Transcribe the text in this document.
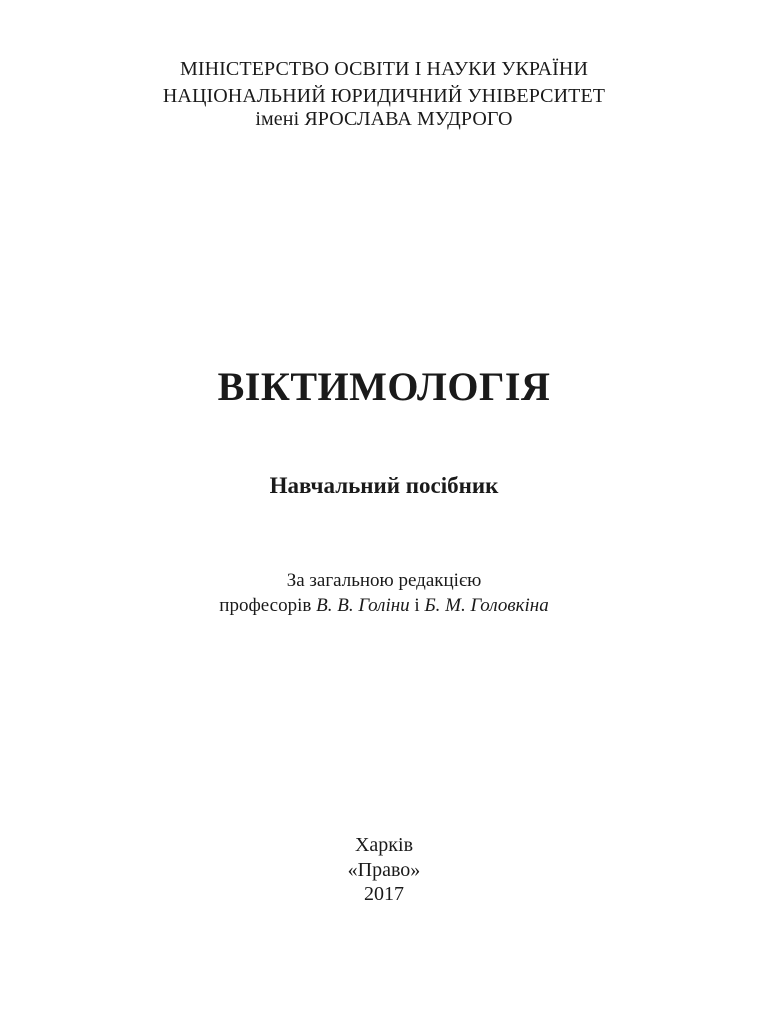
МІНІСТЕРСТВО ОСВІТИ І НАУКИ УКРАЇНИ
НАЦІОНАЛЬНИЙ ЮРИДИЧНИЙ УНІВЕРСИТЕТ
імені ЯРОСЛАВА МУДРОГО
ВІКТИМОЛОГІЯ
Навчальний посібник
За загальною редакцією
професорів В. В. Голіни і Б. М. Головкіна
Харків
«Право»
2017
